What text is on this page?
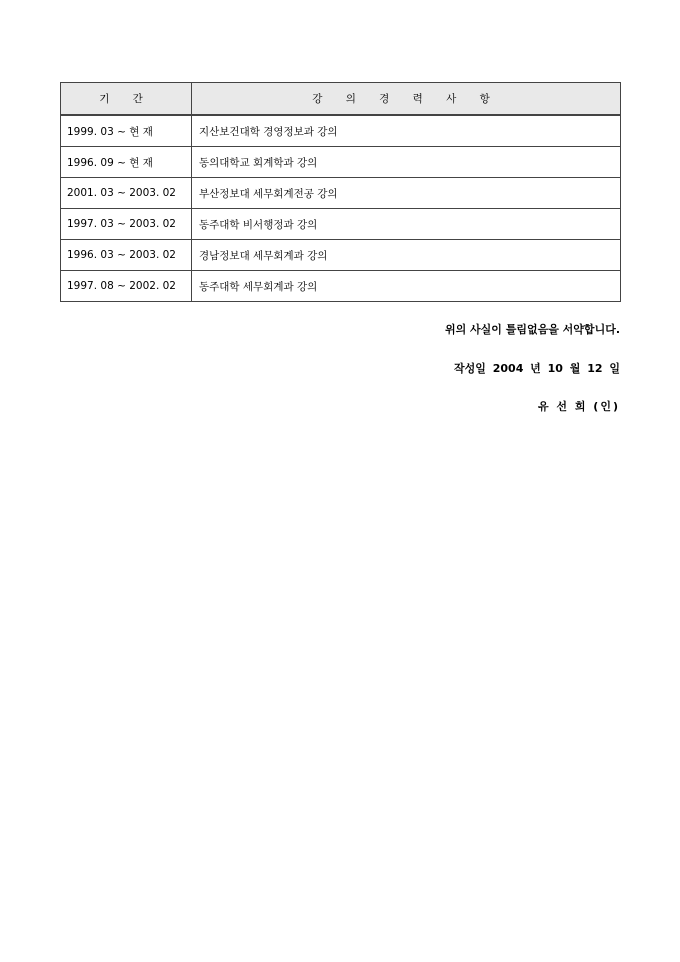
기 간	강 의 경 력 사 항
1999. 03 ~ 현 재	지산보건대학 경영정보과 강의
1996. 09 ~ 현 재	동의대학교 회계학과 강의
2001. 03 ~ 2003. 02	부산정보대 세무회계전공 강의
1997. 03 ~ 2003. 02	동주대학 비서행정과 강의
1996. 03 ~ 2003. 02	경남정보대 세무회계과 강의
1997. 08 ~ 2002. 02	동주대학 세무회계과 강의
위의 사실이 틀림없음을 서약합니다.
작성일 2004 년 10 월 12 일
유 선 희 (인)
